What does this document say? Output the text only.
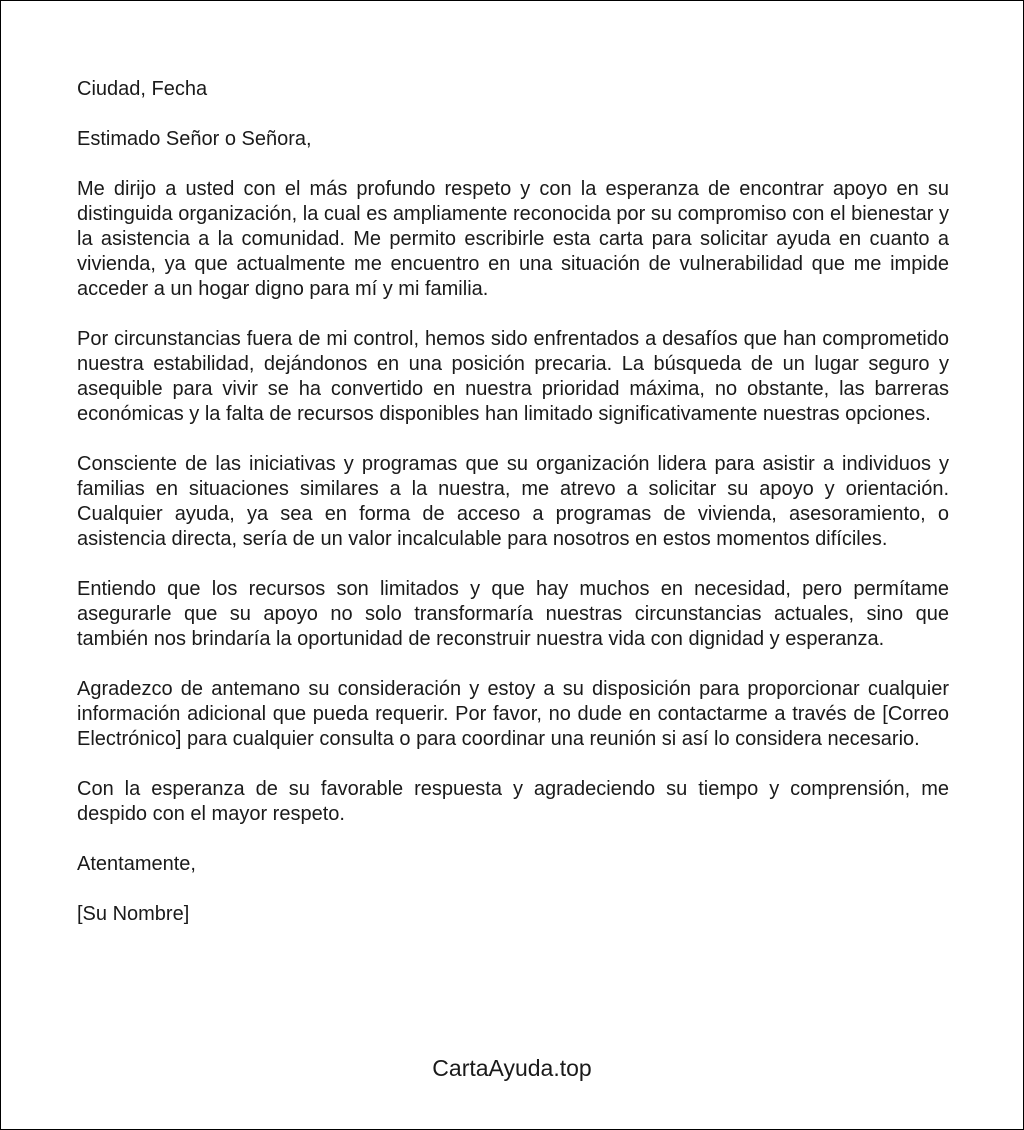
Ciudad, Fecha

Estimado Señor o Señora,

Me dirijo a usted con el más profundo respeto y con la esperanza de encontrar apoyo en su distinguida organización, la cual es ampliamente reconocida por su compromiso con el bienestar y la asistencia a la comunidad. Me permito escribirle esta carta para solicitar ayuda en cuanto a vivienda, ya que actualmente me encuentro en una situación de vulnerabilidad que me impide acceder a un hogar digno para mí y mi familia.

Por circunstancias fuera de mi control, hemos sido enfrentados a desafíos que han comprometido nuestra estabilidad, dejándonos en una posición precaria. La búsqueda de un lugar seguro y asequible para vivir se ha convertido en nuestra prioridad máxima, no obstante, las barreras económicas y la falta de recursos disponibles han limitado significativamente nuestras opciones.

Consciente de las iniciativas y programas que su organización lidera para asistir a individuos y familias en situaciones similares a la nuestra, me atrevo a solicitar su apoyo y orientación. Cualquier ayuda, ya sea en forma de acceso a programas de vivienda, asesoramiento, o asistencia directa, sería de un valor incalculable para nosotros en estos momentos difíciles.

Entiendo que los recursos son limitados y que hay muchos en necesidad, pero permítame asegurarle que su apoyo no solo transformaría nuestras circunstancias actuales, sino que también nos brindaría la oportunidad de reconstruir nuestra vida con dignidad y esperanza.

Agradezco de antemano su consideración y estoy a su disposición para proporcionar cualquier información adicional que pueda requerir. Por favor, no dude en contactarme a través de [Correo Electrónico] para cualquier consulta o para coordinar una reunión si así lo considera necesario.

Con la esperanza de su favorable respuesta y agradeciendo su tiempo y comprensión, me despido con el mayor respeto.

Atentamente,

[Su Nombre]

CartaAyuda.top
